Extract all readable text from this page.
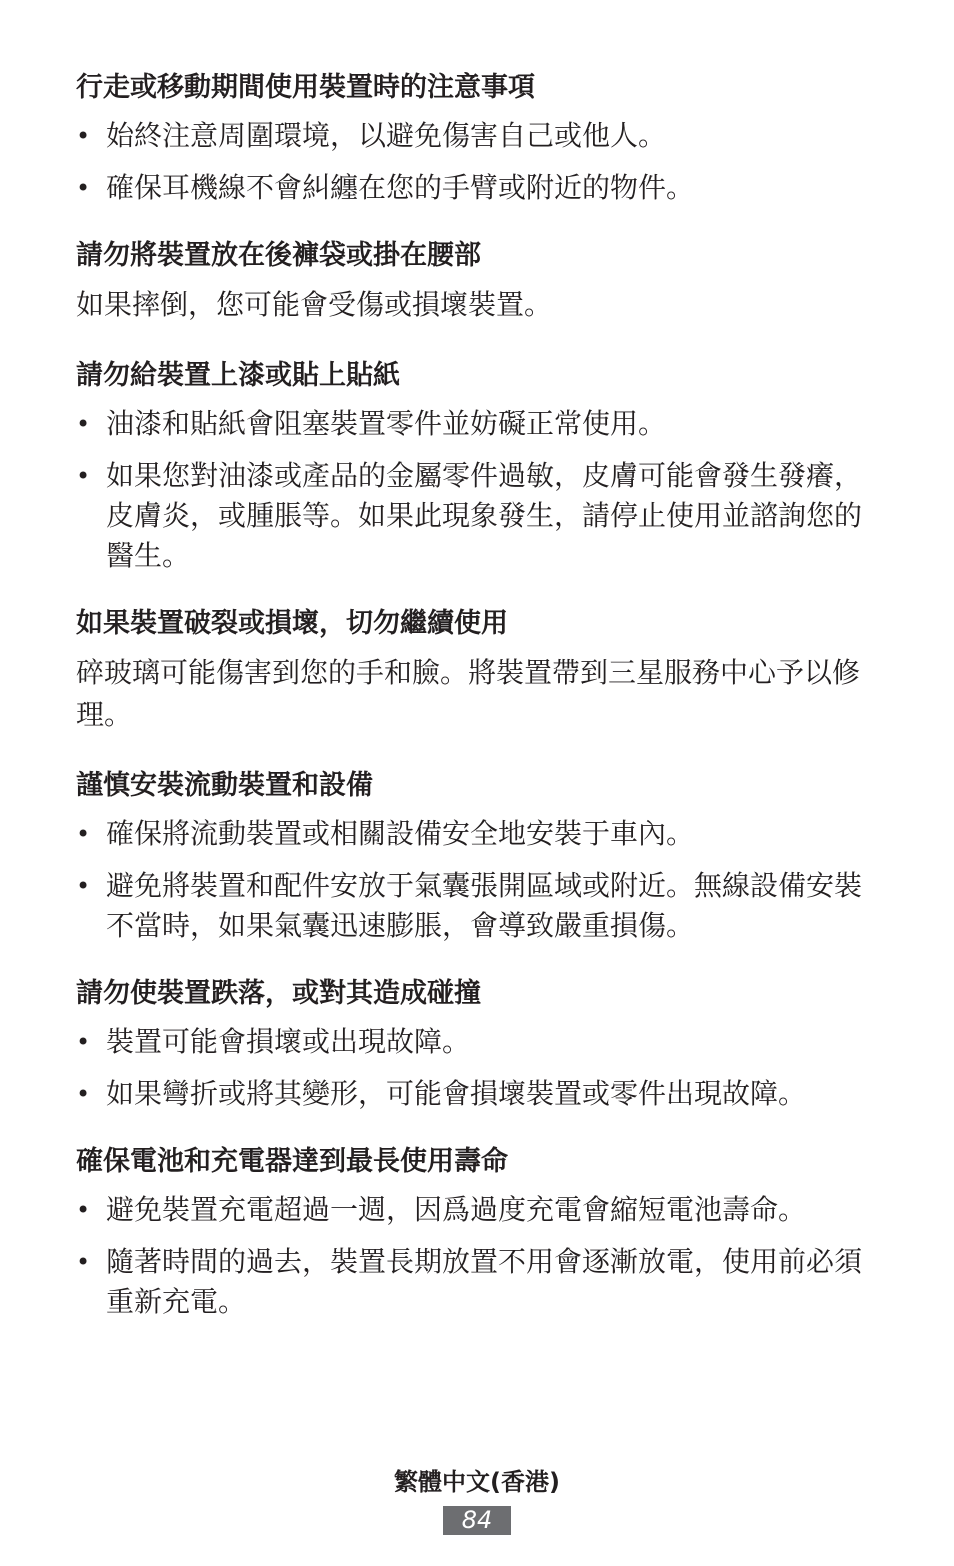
行走或移動期間使用裝置時的注意事項
• 始終注意周圍環境，以避免傷害自己或他人。
• 確保耳機線不會糾纏在您的手臂或附近的物件。
請勿將裝置放在後褲袋或掛在腰部

如果摔倒，您可能會受傷或損壞裝置。

請勿給裝置上漆或貼上貼紙
• 油漆和貼紙會阻塞裝置零件並妨礙正常使用。
• 如果您對油漆或產品的金屬零件過敏，皮膚可能會發生發癢，皮膚炎，或腫脹等。如果此現象發生，請停止使用並諮詢您的醫生。
如果裝置破裂或損壞，切勿繼續使用

碎玻璃可能傷害到您的手和臉。將裝置帶到三星服務中心予以修理。

謹慎安裝流動裝置和設備
• 確保將流動裝置或相關設備安全地安裝于車內。
• 避免將裝置和配件安放于氣囊張開區域或附近。無線設備安裝不當時，如果氣囊迅速膨脹，會導致嚴重損傷。
請勿使裝置跌落，或對其造成碰撞
• 裝置可能會損壞或出現故障。
• 如果彎折或將其變形，可能會損壞裝置或零件出現故障。
確保電池和充電器達到最長使用壽命
• 避免裝置充電超過一週，因爲過度充電會縮短電池壽命。
• 隨著時間的過去，裝置長期放置不用會逐漸放電，使用前必須重新充電。
繁體中文(香港)
84
